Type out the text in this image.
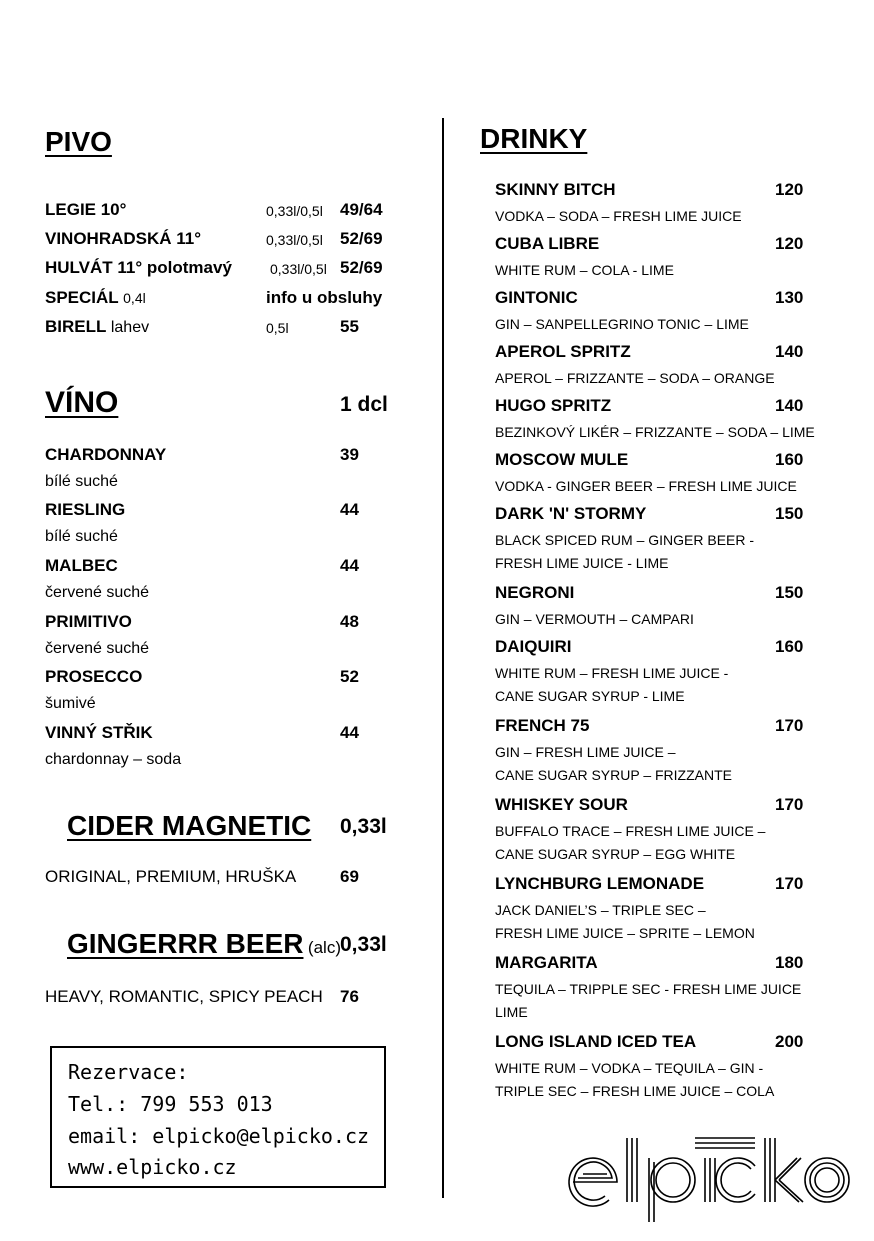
PIVO
LEGIE 10°	0,33l/0,5l 49/64
VINOHRADSKÁ 11°	0,33l/0,5l 52/69
HULVÁT 11° polotmavý	0,33l/0,5l 52/69
SPECIÁL 0,4l	info u obsluhy
BIRELL lahev	0,5l	55
VÍNO	1 dcl
CHARDONNAY	39
bílé suché
RIESLING	44
bílé suché
MALBEC	44
červené suché
PRIMITIVO	48
červené suché
PROSECCO	52
šumivé
VINNÝ STŘIK	44
chardonnay – soda
CIDER MAGNETIC 0,33l
ORIGINAL, PREMIUM, HRUŠKA	69
GINGERRR BEER (alc) 0,33l
HEAVY, ROMANTIC, SPICY PEACH 76
Rezervace:
Tel.: 799 553 013
email: elpicko@elpicko.cz
www.elpicko.cz
DRINKY
SKINNY BITCH	120
VODKA – SODA – FRESH LIME JUICE
CUBA LIBRE	120
WHITE RUM – COLA - LIME
GINTONIC	130
GIN – SANPELLEGRINO TONIC – LIME
APEROL SPRITZ	140
APEROL – FRIZZANTE – SODA – ORANGE
HUGO SPRITZ	140
BEZINKOVÝ LIKÉR – FRIZZANTE – SODA – LIME
MOSCOW MULE	160
VODKA - GINGER BEER – FRESH LIME JUICE
DARK 'N' STORMY	150
BLACK SPICED RUM – GINGER BEER -
FRESH LIME JUICE - LIME
NEGRONI	150
GIN – VERMOUTH – CAMPARI
DAIQUIRI	160
WHITE RUM – FRESH LIME JUICE -
CANE SUGAR SYRUP - LIME
FRENCH 75	170
GIN – FRESH LIME JUICE –
CANE SUGAR SYRUP – FRIZZANTE
WHISKEY SOUR	170
BUFFALO TRACE – FRESH LIME JUICE –
CANE SUGAR SYRUP – EGG WHITE
LYNCHBURG LEMONADE	170
JACK DANIEL’S – TRIPLE SEC –
FRESH LIME JUICE – SPRITE – LEMON
MARGARITA	180
TEQUILA – TRIPPLE SEC - FRESH LIME JUICE
LIME
LONG ISLAND ICED TEA	200
WHITE RUM – VODKA – TEQUILA – GIN -
TRIPLE SEC – FRESH LIME JUICE – COLA
